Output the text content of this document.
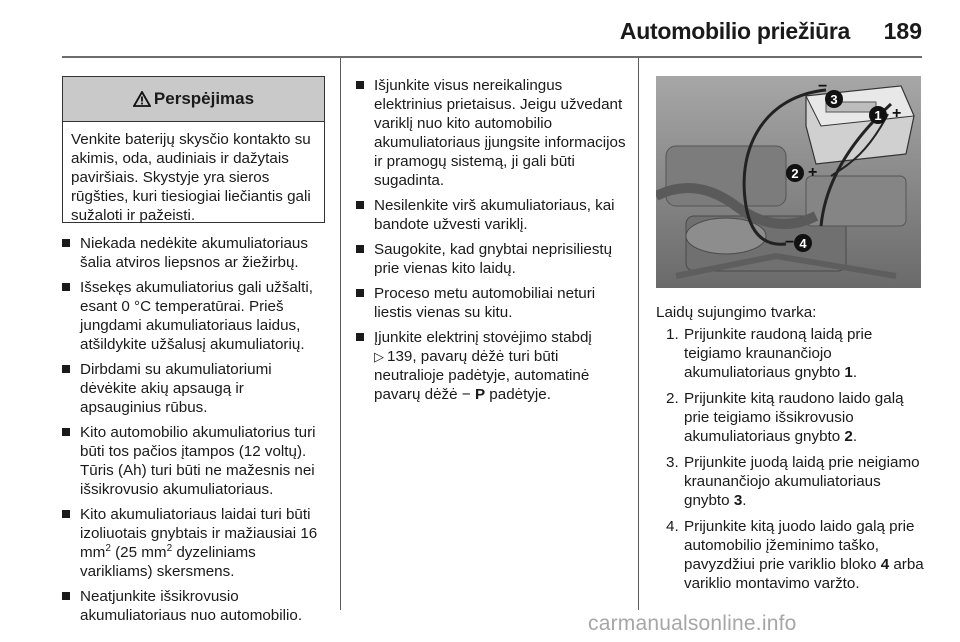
Automobilio priežiūra	189
Perspėjimas
Venkite baterijų skysčio kontakto su akimis, oda, audiniais ir dažytais paviršiais. Skystyje yra sieros rūgšties, kuri tiesiogiai liečiantis gali sužaloti ir pažeisti.
Niekada nedėkite akumuliatoriaus šalia atviros liepsnos ar žiežirbų.
Išsekęs akumuliatorius gali užšalti, esant 0 °C temperatūrai. Prieš jungdami akumuliatoriaus laidus, atšildykite užšalusį akumuliatorių.
Dirbdami su akumuliatoriumi dėvėkite akių apsaugą ir apsauginius rūbus.
Kito automobilio akumuliatorius turi būti tos pačios įtampos (12 voltų). Tūris (Ah) turi būti ne mažesnis nei išsikrovusio akumuliatoriaus.
Kito akumuliatoriaus laidai turi būti izoliuotais gnybtais ir mažiausiai 16 $mm^2$ (25 $mm^2$ dyzeliniams varikliams) skersmens.
Neatjunkite išsikrovusio akumuliatoriaus nuo automobilio.
Išjunkite visus nereikalingus elektrinius prietaisus. Jeigu užvedant variklį nuo kito automobilio akumuliatoriaus įjungsite informacijos ir pramogų sistemą, ji gali būti sugadinta.
Nesilenkite virš akumuliatoriaus, kai bandote užvesti variklį.
Saugokite, kad gnybtai neprisiliestų prie vienas kito laidų.
Proceso metu automobiliai neturi liestis vienas su kitu.
Įjunkite elektrinį stovėjimo stabdį
▷ 139, pavarų dėžė turi būti neutralioje padėtyje, automatinė pavarų dėžė − P padėtyje.
1 +
2 +
3
−
4
−
Laidų sujungimo tvarka:
1. Prijunkite raudoną laidą prie teigiamo kraunančiojo akumuliatoriaus gnybto 1.
2. Prijunkite kitą raudono laido galą prie teigiamo išsikrovusio akumuliatoriaus gnybto 2.
3. Prijunkite juodą laidą prie neigiamo kraunančiojo akumuliatoriaus gnybto 3.
4. Prijunkite kitą juodo laido galą prie automobilio įžeminimo taško, pavyzdžiui prie variklio bloko 4 arba variklio montavimo varžto.
carmanualsonline.info
